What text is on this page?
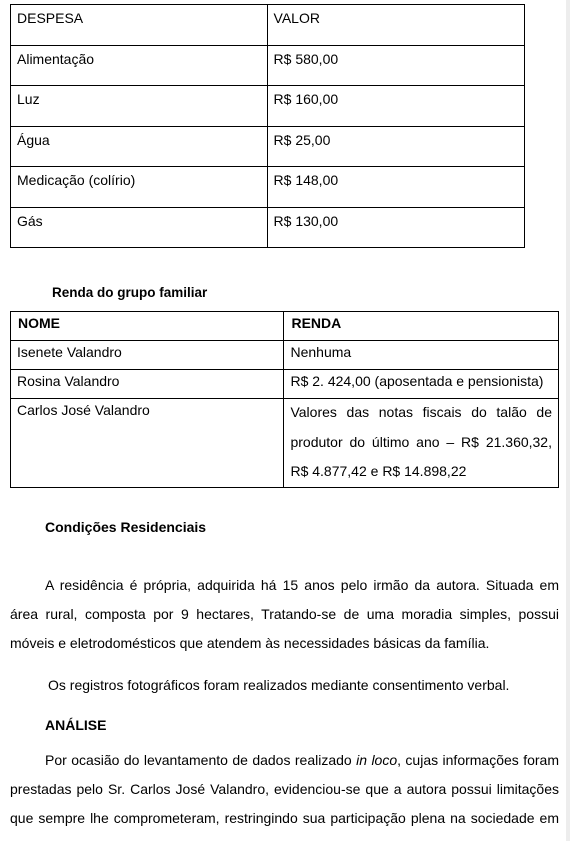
DESPESA	VALOR
Alimentação	R$ 580,00
Luz	R$ 160,00
Água	R$ 25,00
Medicação (colírio)	R$ 148,00
Gás	R$ 130,00
Renda do grupo familiar
NOME	RENDA
Isenete Valandro	Nenhuma
Rosina Valandro	R$ 2. 424,00 (aposentada e pensionista)
Carlos José Valandro	Valores das notas fiscais do talão de
produtor do último ano – R$ 21.360,32,
R$ 4.877,42 e R$ 14.898,22
Condições Residenciais
A residência é própria, adquirida há 15 anos pelo irmão da autora. Situada em
área rural, composta por 9 hectares, Tratando-se de uma moradia simples, possui
móveis e eletrodomésticos que atendem às necessidades básicas da família.
Os registros fotográficos foram realizados mediante consentimento verbal.
ANÁLISE
Por ocasião do levantamento de dados realizado in loco, cujas informações foram
prestadas pelo Sr. Carlos José Valandro, evidenciou-se que a autora possui limitações
que sempre lhe comprometeram, restringindo sua participação plena na sociedade em
